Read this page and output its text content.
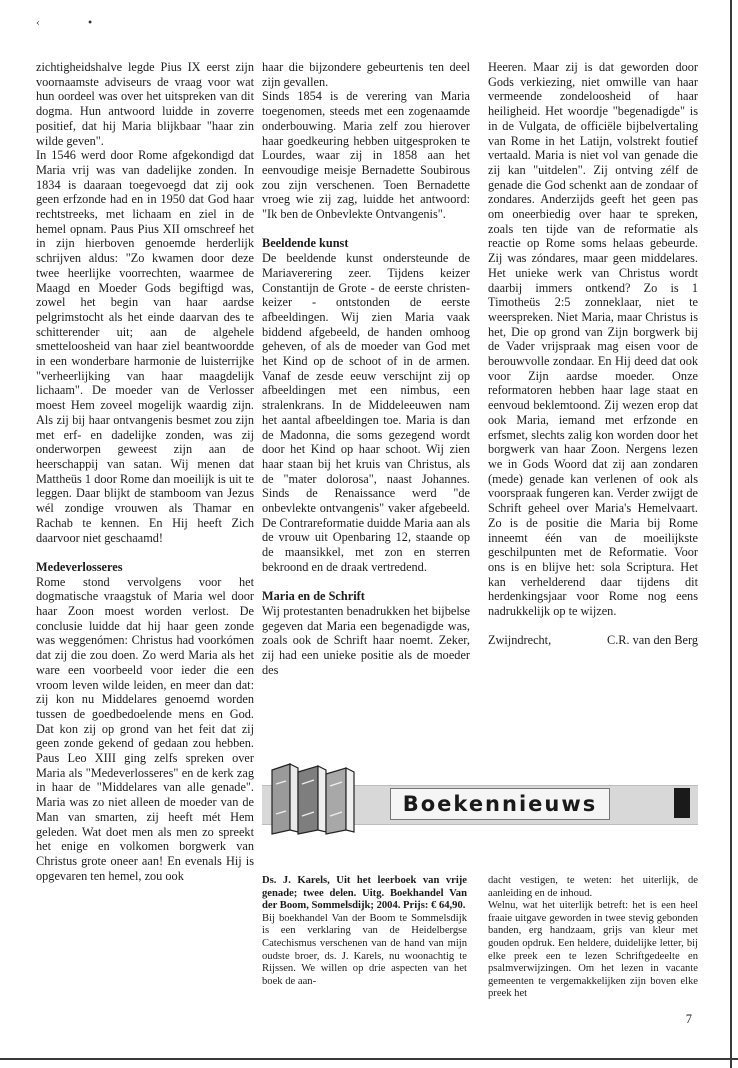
‹ •

zichtigheidshalve legde Pius IX eerst zijn voornaamste adviseurs de vraag voor wat hun oordeel was over het uitspreken van dit dogma. Hun antwoord luidde in zoverre positief, dat hij Maria blijkbaar "haar zin wilde geven".

In 1546 werd door Rome afgekondigd dat Maria vrij was van dadelijke zonden. In 1834 is daaraan toegevoegd dat zij ook geen erfzonde had en in 1950 dat God haar rechtstreeks, met lichaam en ziel in de hemel opnam. Paus Pius XII omschreef het in zijn hierboven genoemde herderlijk schrijven aldus: "Zo kwamen door deze twee heerlijke voorrechten, waarmee de Maagd en Moeder Gods begiftigd was, zowel het begin van haar aardse pelgrimstocht als het einde daarvan des te schitterender uit; aan de algehele smetteloosheid van haar ziel beantwoordde in een wonderbare harmonie de luisterrijke "verheerlijking van haar maagdelijk lichaam". De moeder van de Verlosser moest Hem zoveel mogelijk waardig zijn. Als zij bij haar ontvangenis besmet zou zijn met erf- en dadelijke zonden, was zij onderworpen geweest zijn aan de heerschappij van satan. Wij menen dat Mattheüs 1 door Rome dan moeilijk is uit te leggen. Daar blijkt de stamboom van Jezus wél zondige vrouwen als Thamar en Rachab te kennen. En Hij heeft Zich daarvoor niet geschaamd!

Medeverlosseres

Rome stond vervolgens voor het dogmatische vraagstuk of Maria wel door haar Zoon moest worden verlost. De conclusie luidde dat hij haar geen zonde was weggenómen: Christus had voorkómen dat zij die zou doen. Zo werd Maria als het ware een voorbeeld voor ieder die een vroom leven wilde leiden, en meer dan dat: zij kon nu Middelares genoemd worden tussen de goedbedoelende mens en God. Dat kon zij op grond van het feit dat zij geen zonde gekend of gedaan zou hebben. Paus Leo XIII ging zelfs spreken over Maria als "Medeverlosseres" en de kerk zag in haar de "Middelares van alle genade". Maria was zo niet alleen de moeder van de Man van smarten, zij heeft mét Hem geleden. Wat doet men als men zo spreekt het enige en volkomen borgwerk van Christus grote oneer aan! En evenals Hij is opgevaren ten hemel, zou ook

haar die bijzondere gebeurtenis ten deel zijn gevallen.

Sinds 1854 is de verering van Maria toegenomen, steeds met een zogenaamde onderbouwing. Maria zelf zou hierover haar goedkeuring hebben uitgesproken te Lourdes, waar zij in 1858 aan het eenvoudige meisje Bernadette Soubirous zou zijn verschenen. Toen Bernadette vroeg wie zij zag, luidde het antwoord: "Ik ben de Onbevlekte Ontvangenis".

Beeldende kunst

De beeldende kunst ondersteunde de Mariaverering zeer. Tijdens keizer Constantijn de Grote - de eerste christen-keizer - ontstonden de eerste afbeeldingen. Wij zien Maria vaak biddend afgebeeld, de handen omhoog geheven, of als de moeder van God met het Kind op de schoot of in de armen. Vanaf de zesde eeuw verschijnt zij op afbeeldingen met een nimbus, een stralenkrans. In de Middeleeuwen nam het aantal afbeeldingen toe. Maria is dan de Madonna, die soms gezegend wordt door het Kind op haar schoot. Wij zien haar staan bij het kruis van Christus, als de "mater dolorosa", naast Johannes. Sinds de Renaissance werd "de onbevlekte ontvangenis" vaker afgebeeld. De Contrareformatie duidde Maria aan als de vrouw uit Openbaring 12, staande op de maansikkel, met zon en sterren bekroond en de draak vertredend.

Maria en de Schrift

Wij protestanten benadrukken het bijbelse gegeven dat Maria een begenadigde was, zoals ook de Schrift haar noemt. Zeker, zij had een unieke positie als de moeder des

Heeren. Maar zij is dat geworden door Gods verkiezing, niet omwille van haar vermeende zondeloosheid of haar heiligheid. Het woordje "begenadigde" is in de Vulgata, de officiële bijbelvertaling van Rome in het Latijn, volstrekt foutief vertaald. Maria is niet vol van genade die zij kan "uitdelen". Zij ontving zélf de genade die God schenkt aan de zondaar of zondares. Anderzijds geeft het geen pas om oneerbiedig over haar te spreken, zoals ten tijde van de reformatie als reactie op Rome soms helaas gebeurde. Zij was zóndares, maar geen middelares. Het unieke werk van Christus wordt daarbij immers ontkend? Zo is 1 Timotheüs 2:5 zonneklaar, niet te weerspreken. Niet Maria, maar Christus is het, Die op grond van Zijn borgwerk bij de Vader vrijspraak mag eisen voor de berouwvolle zondaar. En Hij deed dat ook voor Zijn aardse moeder. Onze reformatoren hebben haar lage staat en eenvoud beklemtoond. Zij wezen erop dat ook Maria, iemand met erfzonde en erfsmet, slechts zalig kon worden door het borgwerk van haar Zoon. Nergens lezen we in Gods Woord dat zij aan zondaren (mede) genade kan verlenen of ook als voorspraak fungeren kan. Verder zwijgt de Schrift geheel over Maria's Hemelvaart. Zo is de positie die Maria bij Rome inneemt één van de moeilijkste geschilpunten met de Reformatie. Voor ons is en blijve het: sola Scriptura. Het kan verhelderend daar tijdens dit herdenkingsjaar voor Rome nog eens nadrukkelijk op te wijzen.

Zwijndrecht,	C.R. van den Berg
Boekennieuws

Ds. J. Karels, Uit het leerboek van vrije genade; twee delen. Uitg. Boekhandel Van der Boom, Sommelsdijk; 2004. Prijs: € 64,90.

Bij boekhandel Van der Boom te Sommelsdijk is een verklaring van de Heidelbergse Catechismus verschenen van de hand van mijn oudste broer, ds. J. Karels, nu woonachtig te Rijssen. We willen op drie aspecten van het boek de aan-

dacht vestigen, te weten: het uiterlijk, de aanleiding en de inhoud.

Welnu, wat het uiterlijk betreft: het is een heel fraaie uitgave geworden in twee stevig gebonden banden, erg handzaam, grijs van kleur met gouden opdruk. Een heldere, duidelijke letter, bij elke preek een te lezen Schriftgedeelte en psalmverwijzingen. Om het lezen in vacante gemeenten te vergemakkelijken zijn boven elke preek het

7
